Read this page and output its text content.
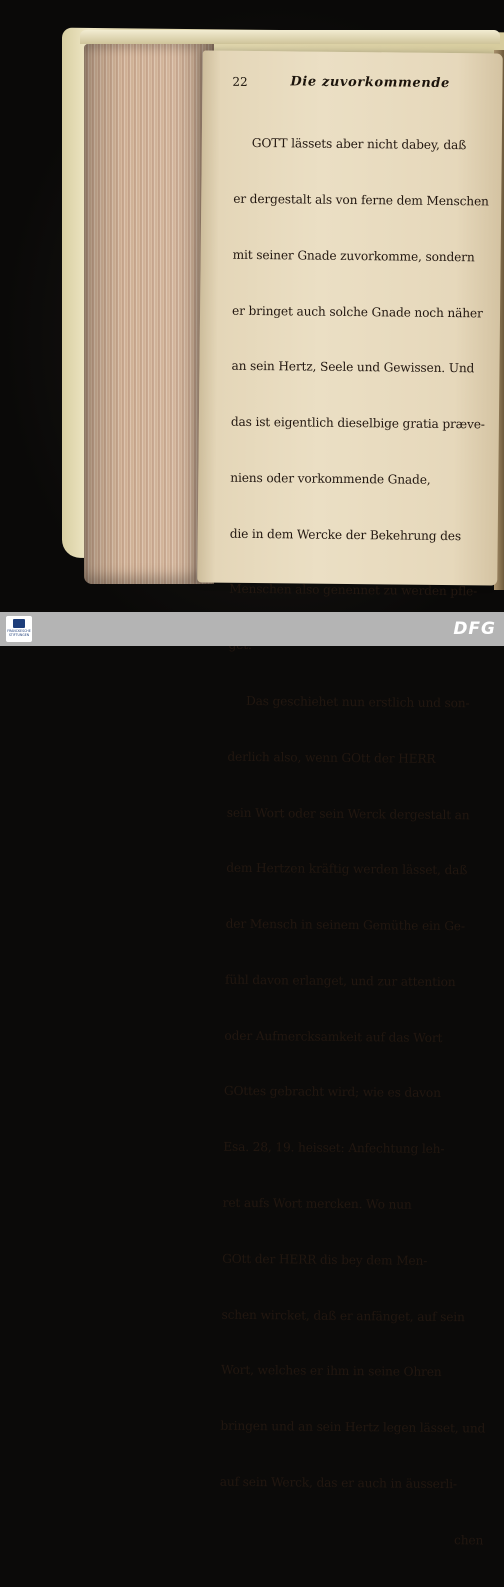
22	Die zuvorkommende

GOTT lässets aber nicht dabey, daß

er dergestalt als von ferne dem Menschen

mit seiner Gnade zuvorkomme, sondern

er bringet auch solche Gnade noch näher

an sein Hertz, Seele und Gewissen. Und

das ist eigentlich dieselbige gratia præve-

niens oder vorkommende Gnade,

die in dem Wercke der Bekehrung des

Menschen also genennet zu werden pfle-

Das geschiehet nun erstlich und son-

derlich also, wenn GOtt der HERR

sein Wort oder sein Werck dergestalt an

dem Hertzen kräftig werden lässet, daß

der Mensch in seinem Gemüthe ein Ge-

fühl davon erlanget, und zur attention

oder Aufmercksamkeit auf das Wort

GOttes gebracht wird; wie es davon

Esa. 28, 19. heisset: Anfechtung leh-

ret aufs Wort mercken. Wo nun

GOtt der HERR dis bey dem Men-

schen wircket, daß er anfänget, auf sein

Wort, welches er ihm in seine Ohren

bringen und an sein Hertz legen lässet, und

auf sein Werck, das er auch in äusserli-

chen

FRANCKESCHE
STIFTUNGEN	DFG
